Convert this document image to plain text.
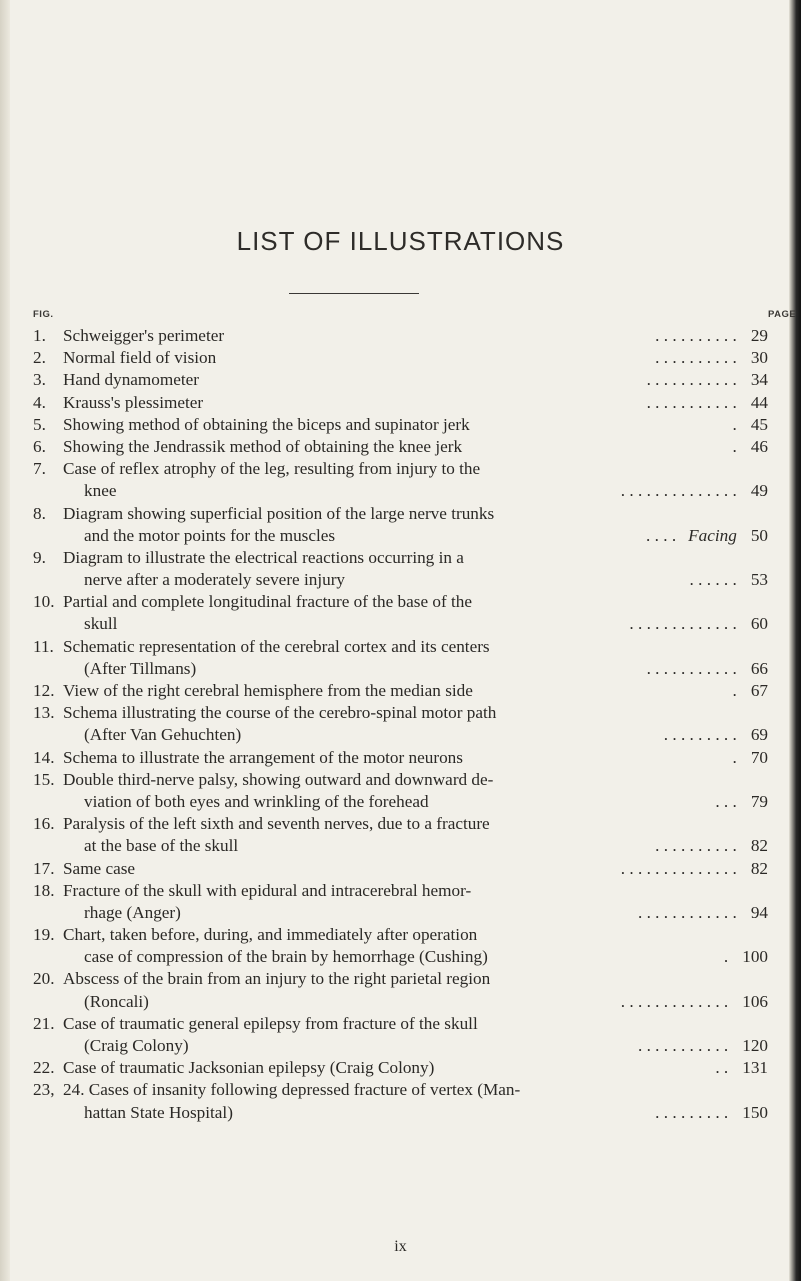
LIST OF ILLUSTRATIONS
FIG.	PAGE
1. Schweigger's perimeter	29
. . . . . . . . . .
2. Normal field of vision	30
. . . . . . . . . .
3. Hand dynamometer	34
. . . . . . . . . . .
4. Krauss's plessimeter	44
. . . . . . . . . . .
5. Showing method of obtaining the biceps and supinator jerk	45
.
6. Showing the Jendrassik method of obtaining the knee jerk	46
.
7. Case of reflex atrophy of the leg, resulting from injury to the
knee	49
. . . . . . . . . . . . . .
8. Diagram showing superficial position of the large nerve trunks
and the motor points for the muscles	50
. . . . Facing
9. Diagram to illustrate the electrical reactions occurring in a
nerve after a moderately severe injury	53
. . . . . .
10. Partial and complete longitudinal fracture of the base of the
skull	60
. . . . . . . . . . . . .
11. Schematic representation of the cerebral cortex and its centers
(After Tillmans)	66
. . . . . . . . . . .
12. View of the right cerebral hemisphere from the median side	67
.
13. Schema illustrating the course of the cerebro-spinal motor path
(After Van Gehuchten)	69
. . . . . . . . .
14. Schema to illustrate the arrangement of the motor neurons	70
.
15. Double third-nerve palsy, showing outward and downward de-
viation of both eyes and wrinkling of the forehead	79
. . .
16. Paralysis of the left sixth and seventh nerves, due to a fracture
at the base of the skull	82
. . . . . . . . . .
17. Same case	82
. . . . . . . . . . . . . .
18. Fracture of the skull with epidural and intracerebral hemor-
rhage (Anger)	94
. . . . . . . . . . . .
19. Chart, taken before, during, and immediately after operation
case of compression of the brain by hemorrhage (Cushing)	100
.
20. Abscess of the brain from an injury to the right parietal region
(Roncali)	106
. . . . . . . . . . . . .
21. Case of traumatic general epilepsy from fracture of the skull
(Craig Colony)	120
. . . . . . . . . . .
22. Case of traumatic Jacksonian epilepsy (Craig Colony)	131
. .
23, 24. Cases of insanity following depressed fracture of vertex (Man-
hattan State Hospital)	150
. . . . . . . . .
ix
